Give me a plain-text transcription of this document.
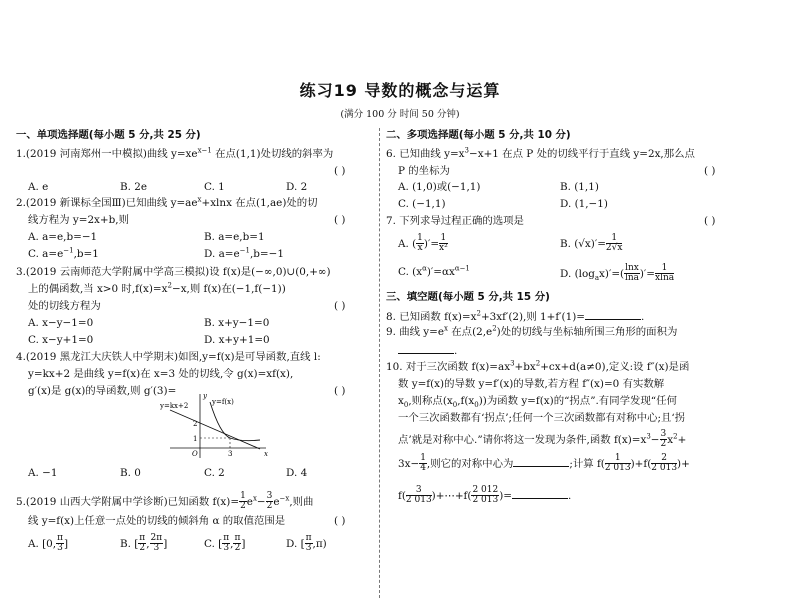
练习19 导数的概念与运算
(满分 100 分 时间 50 分钟)
一、单项选择题(每小题 5 分,共 25 分)
1.(2019 河南郑州一中模拟)曲线 $y=xe^{x-1}$ 在点(1,1)处切线的斜率为
( )
A. e	B. 2e	C. 1	D. 2
2.(2019 新课标全国Ⅲ)已知曲线 $y=ae^x+xlnx$ 在点(1,ae)处的切
线方程为 y=2x+b,则	( )
A. a=e,b=−1	B. a=e,b=1
C. $a=e^{-1},b=1$	D. $a=e^{-1},b=-1$
3.(2019 云南师范大学附属中学高三模拟)设 f(x)是(−∞,0)∪(0,+∞)
上的偶函数,当 x>0 时$,f(x)=x^2-x$,则 f(x)在(−1,f(−1))
处的切线方程为	( )
A. x−y−1=0	B. x+y−1=0
C. x−y+1=0	D. x+y+1=0
4.(2019 黑龙江大庆铁人中学期末)如图,y=f(x)是可导函数,直线 l:
y=kx+2 是曲线 y=f(x)在 x=3 处的切线,令 g(x)=xf(x),
g′(x)是 g(x)的导函数,则 g′(3)=	( )
A. −1	B. 0	C. 2	D. 4
5.(2019 山西大学附属中学诊断)已知函数 $f(x)= \frac{1}{2} e^x- \frac{3}{2} e^{-x}$,则曲
线 y=f(x)上任意一点处的切线的倾斜角 α 的取值范围是	( )
A. [0, $\frac{\pi}{3}$ ]	B. [ $\frac{\pi}{2}$ , $\frac{2\pi}{3}$ ]	C. [ $\frac{\pi}{3}$ , $\frac{\pi}{2}$ ]	D. [ $\frac{\pi}{3} ,\pi$)
y=kx+2	y=f(x)
y
x
O
1
2
3
二、多项选择题(每小题 5 分,共 10 分)
6. 已知曲线 $y=x^3-x+1$ 在点 P 处的切线平行于直线 y=2x,那么点
P 的坐标为	( )
A. (1,0)或(−1,1)	B. (1,1)
C. (−1,1)	D. (1,−1)
7. 下列求导过程正确的选项是	( )
A. ( $\frac{1}{x}$ )′= $\frac{1}{\text{x²}}$	B. $(√x)'= \frac{1}{2√x}$
C. $(x^\alpha)'=\alpha x^{\alpha-1}$	D. $(\log_ax)'=( \frac{\ln x}{\ln a}$ )′= $\frac{1}{xlna}$
三、填空题(每小题 5 分,共 15 分)
8. 已知函数 $f(x)=x^2+3xf'(2)$,则 1+f′(1)=	.
9. 曲线 $y=e^x$ 在点$(2,e^2)$处的切线与坐标轴所围三角形的面积为
.
10. 对于三次函数 $f(x)=ax^3+bx^2+cx+d(a\ne 0)$,定义:设 f″(x)是函
数 y=f(x)的导数 y=f′(x)的导数,若方程 f″(x)=0 有实数解
$x_0$,则称点$(x_0,f(x_0))$为函数 y=f(x)的“拐点”.有同学发现“任何
一个三次函数都有‘拐点’;任何一个三次函数都有对称中心;且‘拐
点’就是对称中心.”请你将这一发现为条件,函数 $f(x)=x^3- \frac{3}{2} x^2+$
$3x- \frac{1}{4}$ ,则它的对称中心为	;计算 $f( \frac{1}{2 013} )+f( \frac{2}{2 013}$ )+
$f( \frac{3}{2 013}$ )+⋯+f( $\frac{2 012}{2 013}$ )=	.
